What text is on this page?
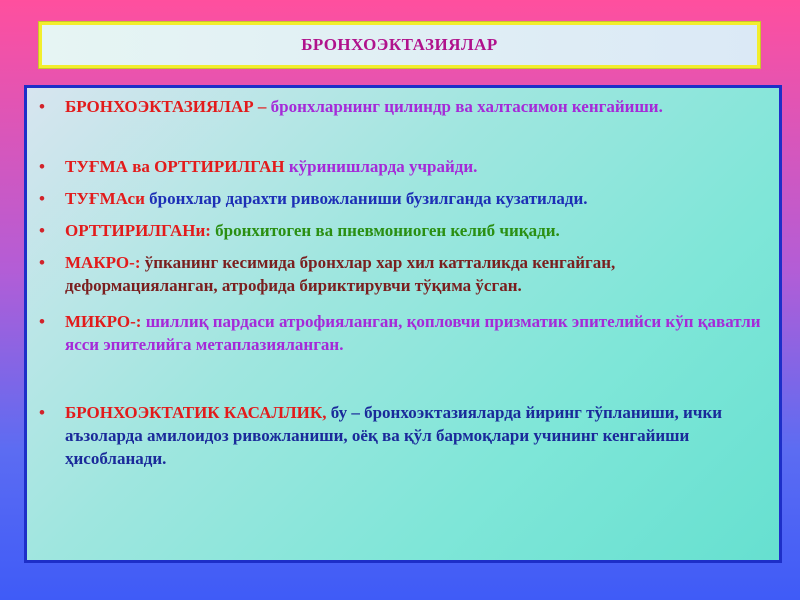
БРОНХОЭКТАЗИЯЛАР
• БРОНХОЭКТАЗИЯЛАР – бронхларнинг цилиндр ва халтасимон кенгайиши.
• ТУҒМА ва ОРТТИРИЛГАН кўринишларда учрайди.
• ТУҒМАси бронхлар дарахти ривожланиши бузилганда кузатилади.
• ОРТТИРИЛГАНи: бронхитоген ва пневмониоген келиб чиқади.
• МАКРО-: ўпканинг кесимида бронхлар хар хил катталикда кенгайган, деформацияланган, атрофида бириктирувчи тўқима ўсган.
• МИКРО-: шиллиқ пардаси атрофияланган, қопловчи призматик эпителийси кўп қаватли ясси эпителийга метаплазияланган.
• БРОНХОЭКТАТИК КАСАЛЛИК, бу – бронхоэктазияларда йиринг тўпланиши, ички аъзоларда амилоидоз ривожланиши, оёқ ва қўл бармоқлари учининг кенгайиши ҳисобланади.
